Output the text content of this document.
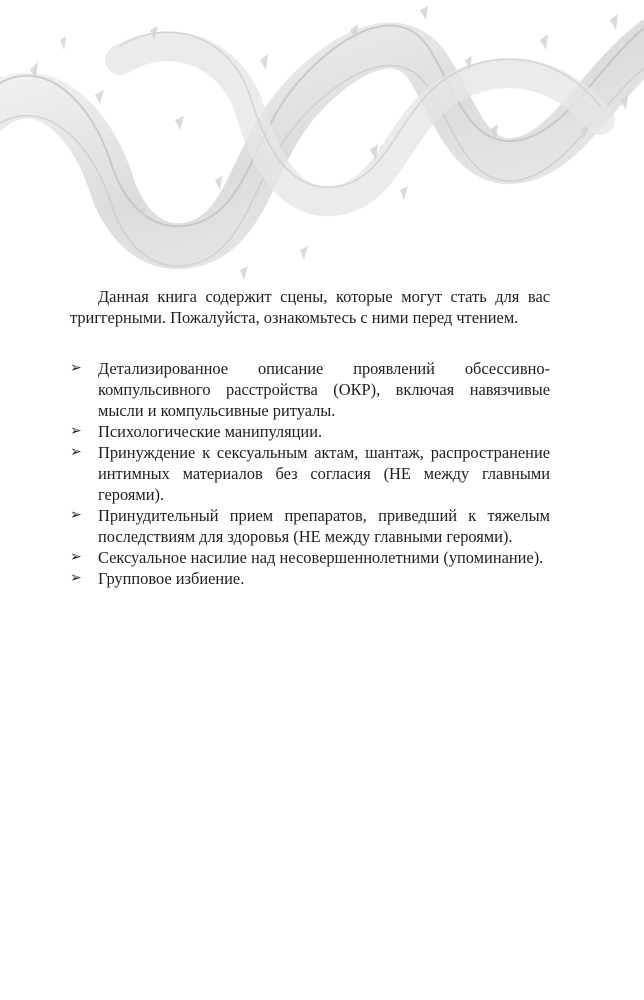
Данная книга содержит сцены, которые могут стать для вас триггерными. Пожалуйста, ознакомьтесь с ними перед чтением.

➢ Детализированное описание проявлений обсессивно-компульсивного расстройства (ОКР), включая навязчивые мысли и компульсивные ритуалы.
➢ Психологические манипуляции.
➢ Принуждение к сексуальным актам, шантаж, распространение интимных материалов без согласия (НЕ между главными героями).
➢ Принудительный прием препаратов, приведший к тяжелым последствиям для здоровья (НЕ между главными героями).
➢ Сексуальное насилие над несовершеннолетними (упоминание).
➢ Групповое избиение.
